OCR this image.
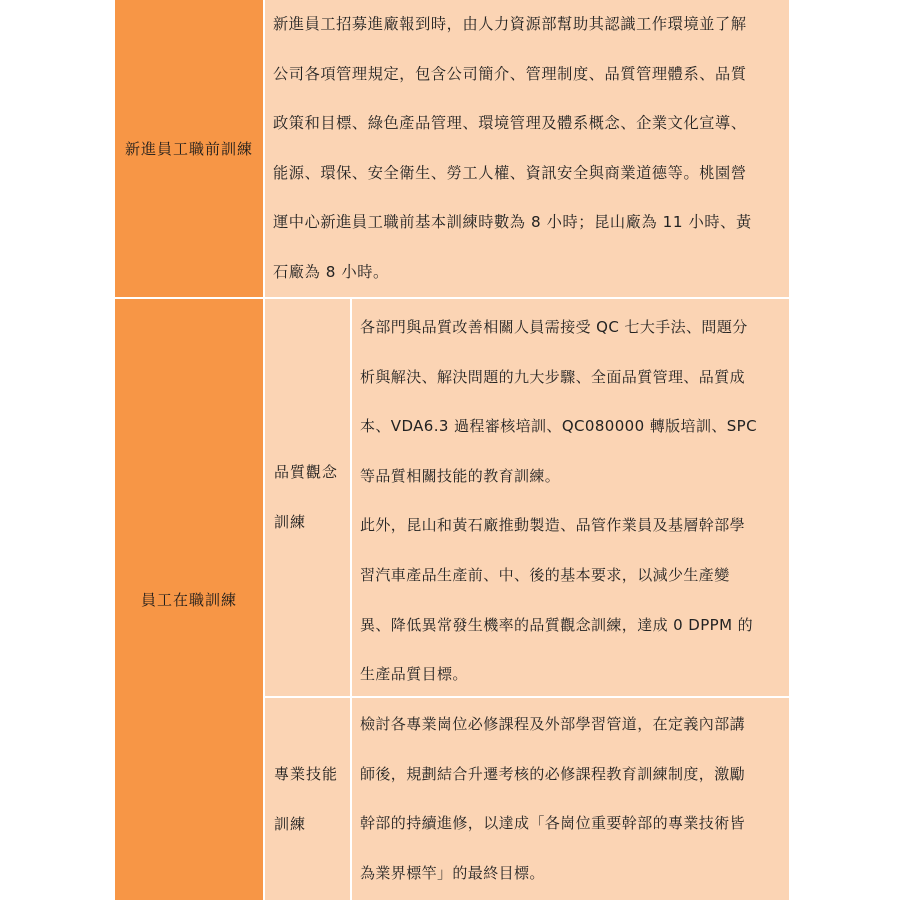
新進員工職前訓練

新進員工招募進廠報到時，由人力資源部幫助其認識工作環境並了解
公司各項管理規定，包含公司簡介、管理制度、品質管理體系、品質
政策和目標、綠色產品管理、環境管理及體系概念、企業文化宣導、
能源、環保、安全衛生、勞工人權、資訊安全與商業道德等。桃園營
運中心新進員工職前基本訓練時數為 8 小時；昆山廠為 11 小時、黃
石廠為 8 小時。

員工在職訓練
品質觀念
訓練

各部門與品質改善相關人員需接受 QC 七大手法、問題分
析與解決、解決問題的九大步驟、全面品質管理、品質成
本、VDA6.3 過程審核培訓、QC080000 轉版培訓、SPC
等品質相關技能的教育訓練。
此外，昆山和黃石廠推動製造、品管作業員及基層幹部學
習汽車產品生產前、中、後的基本要求，以減少生產變
異、降低異常發生機率的品質觀念訓練，達成 0 DPPM 的
生產品質目標。

專業技能
訓練

檢討各專業崗位必修課程及外部學習管道，在定義內部講
師後，規劃結合升遷考核的必修課程教育訓練制度，激勵
幹部的持續進修，以達成「各崗位重要幹部的專業技術皆
為業界標竿」的最終目標。
